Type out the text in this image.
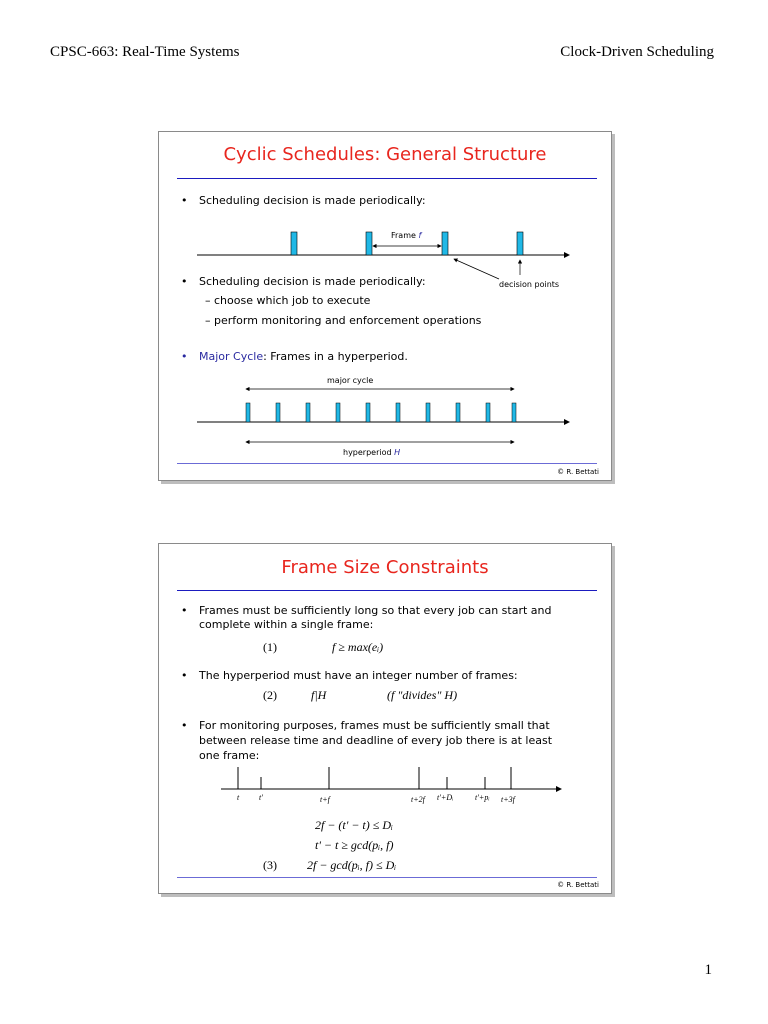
CPSC-663: Real-Time Systems	Clock-Driven Scheduling
Cyclic Schedules: General Structure
• Scheduling decision is made periodically:
Frame f
decision points
• Scheduling decision is made periodically:
– choose which job to execute
– perform monitoring and enforcement operations
• Major Cycle: Frames in a hyperperiod.
major cycle
hyperperiod H
© R. Bettati
Frame Size Constraints
• Frames must be sufficiently long so that every job can start and
complete within a single frame:
(1)	f ≥ max(eᵢ)
• The hyperperiod must have an integer number of frames:
(2)	f|H	(f "divides" H)
• For monitoring purposes, frames must be sufficiently small that
between release time and deadline of every job there is at least
one frame:
t t'	t+f	t+2f t'+Dᵢ	t'+pᵢ t+3f
2f − (t' − t) ≤ Dᵢ
t' − t ≥ gcd(pᵢ, f)
(3)	2f − gcd(pᵢ, f) ≤ Dᵢ
© R. Bettati
1
